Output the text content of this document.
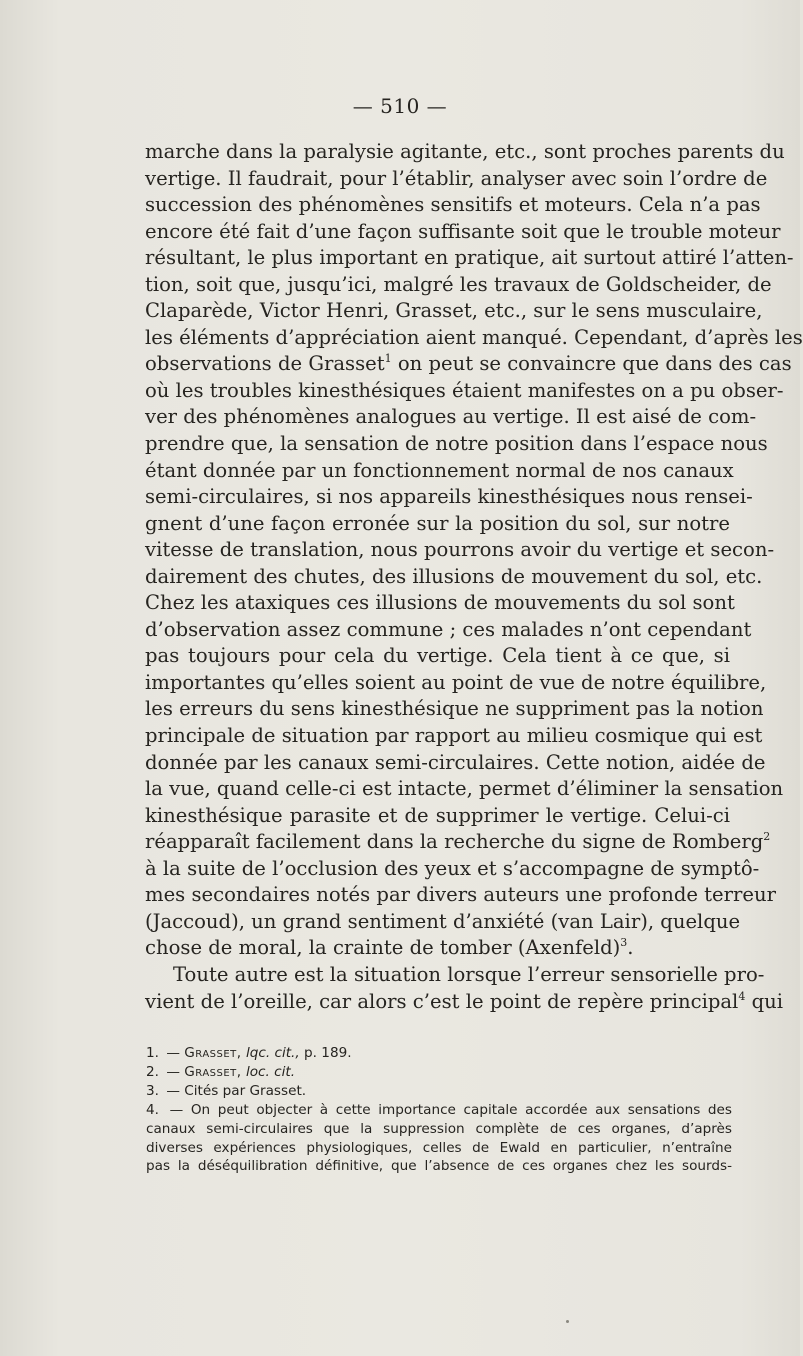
— 510 —
marche dans la paralysie agitante, etc., sont proches parents du
vertige. Il faudrait, pour l’établir, analyser avec soin l’ordre de
succession des phénomènes sensitifs et moteurs. Cela n’a pas
encore été fait d’une façon suffisante soit que le trouble moteur
résultant, le plus important en pratique, ait surtout attiré l’atten-
tion, soit que, jusqu’ici, malgré les travaux de Goldscheider, de
Claparède, Victor Henri, Grasset, etc., sur le sens musculaire,
les éléments d’appréciation aient manqué. Cependant, d’après les
observations de Grasset$^1$ on peut se convaincre que dans des cas
où les troubles kinesthésiques étaient manifestes on a pu obser-
ver des phénomènes analogues au vertige. Il est aisé de com-
prendre que, la sensation de notre position dans l’espace nous
étant donnée par un fonctionnement normal de nos canaux
semi-circulaires, si nos appareils kinesthésiques nous rensei-
gnent d’une façon erronée sur la position du sol, sur notre
vitesse de translation, nous pourrons avoir du vertige et secon-
dairement des chutes, des illusions de mouvement du sol, etc.
Chez les ataxiques ces illusions de mouvements du sol sont
d’observation assez commune ; ces malades n’ont cependant
pas toujours pour cela du vertige. Cela tient à ce que, si
importantes qu’elles soient au point de vue de notre équilibre,
les erreurs du sens kinesthésique ne suppriment pas la notion
principale de situation par rapport au milieu cosmique qui est
donnée par les canaux semi-circulaires. Cette notion, aidée de
la vue, quand celle-ci est intacte, permet d’éliminer la sensation
kinesthésique parasite et de supprimer le vertige. Celui-ci
réapparaît facilement dans la recherche du signe de Romberg$^2$
à la suite de l’occlusion des yeux et s’accompagne de symptô-
mes secondaires notés par divers auteurs une profonde terreur
(Jaccoud), un grand sentiment d’anxiété (van Lair), quelque
chose de moral, la crainte de tomber (Axenfeld)$^3$.
Toute autre est la situation lorsque l’erreur sensorielle pro-
vient de l’oreille, car alors c’est le point de repère principal$^4$ qui
1. — Grasset, lqc. cit., p. 189.
2. — Grasset, loc. cit.
3. — Cités par Grasset.
4. — On peut objecter à cette importance capitale accordée aux sensations des
canaux semi-circulaires que la suppression complète de ces organes, d’après
diverses expériences physiologiques, celles de Ewald en particulier, n’entraîne
pas la déséquilibration définitive, que l’absence de ces organes chez les sourds-
